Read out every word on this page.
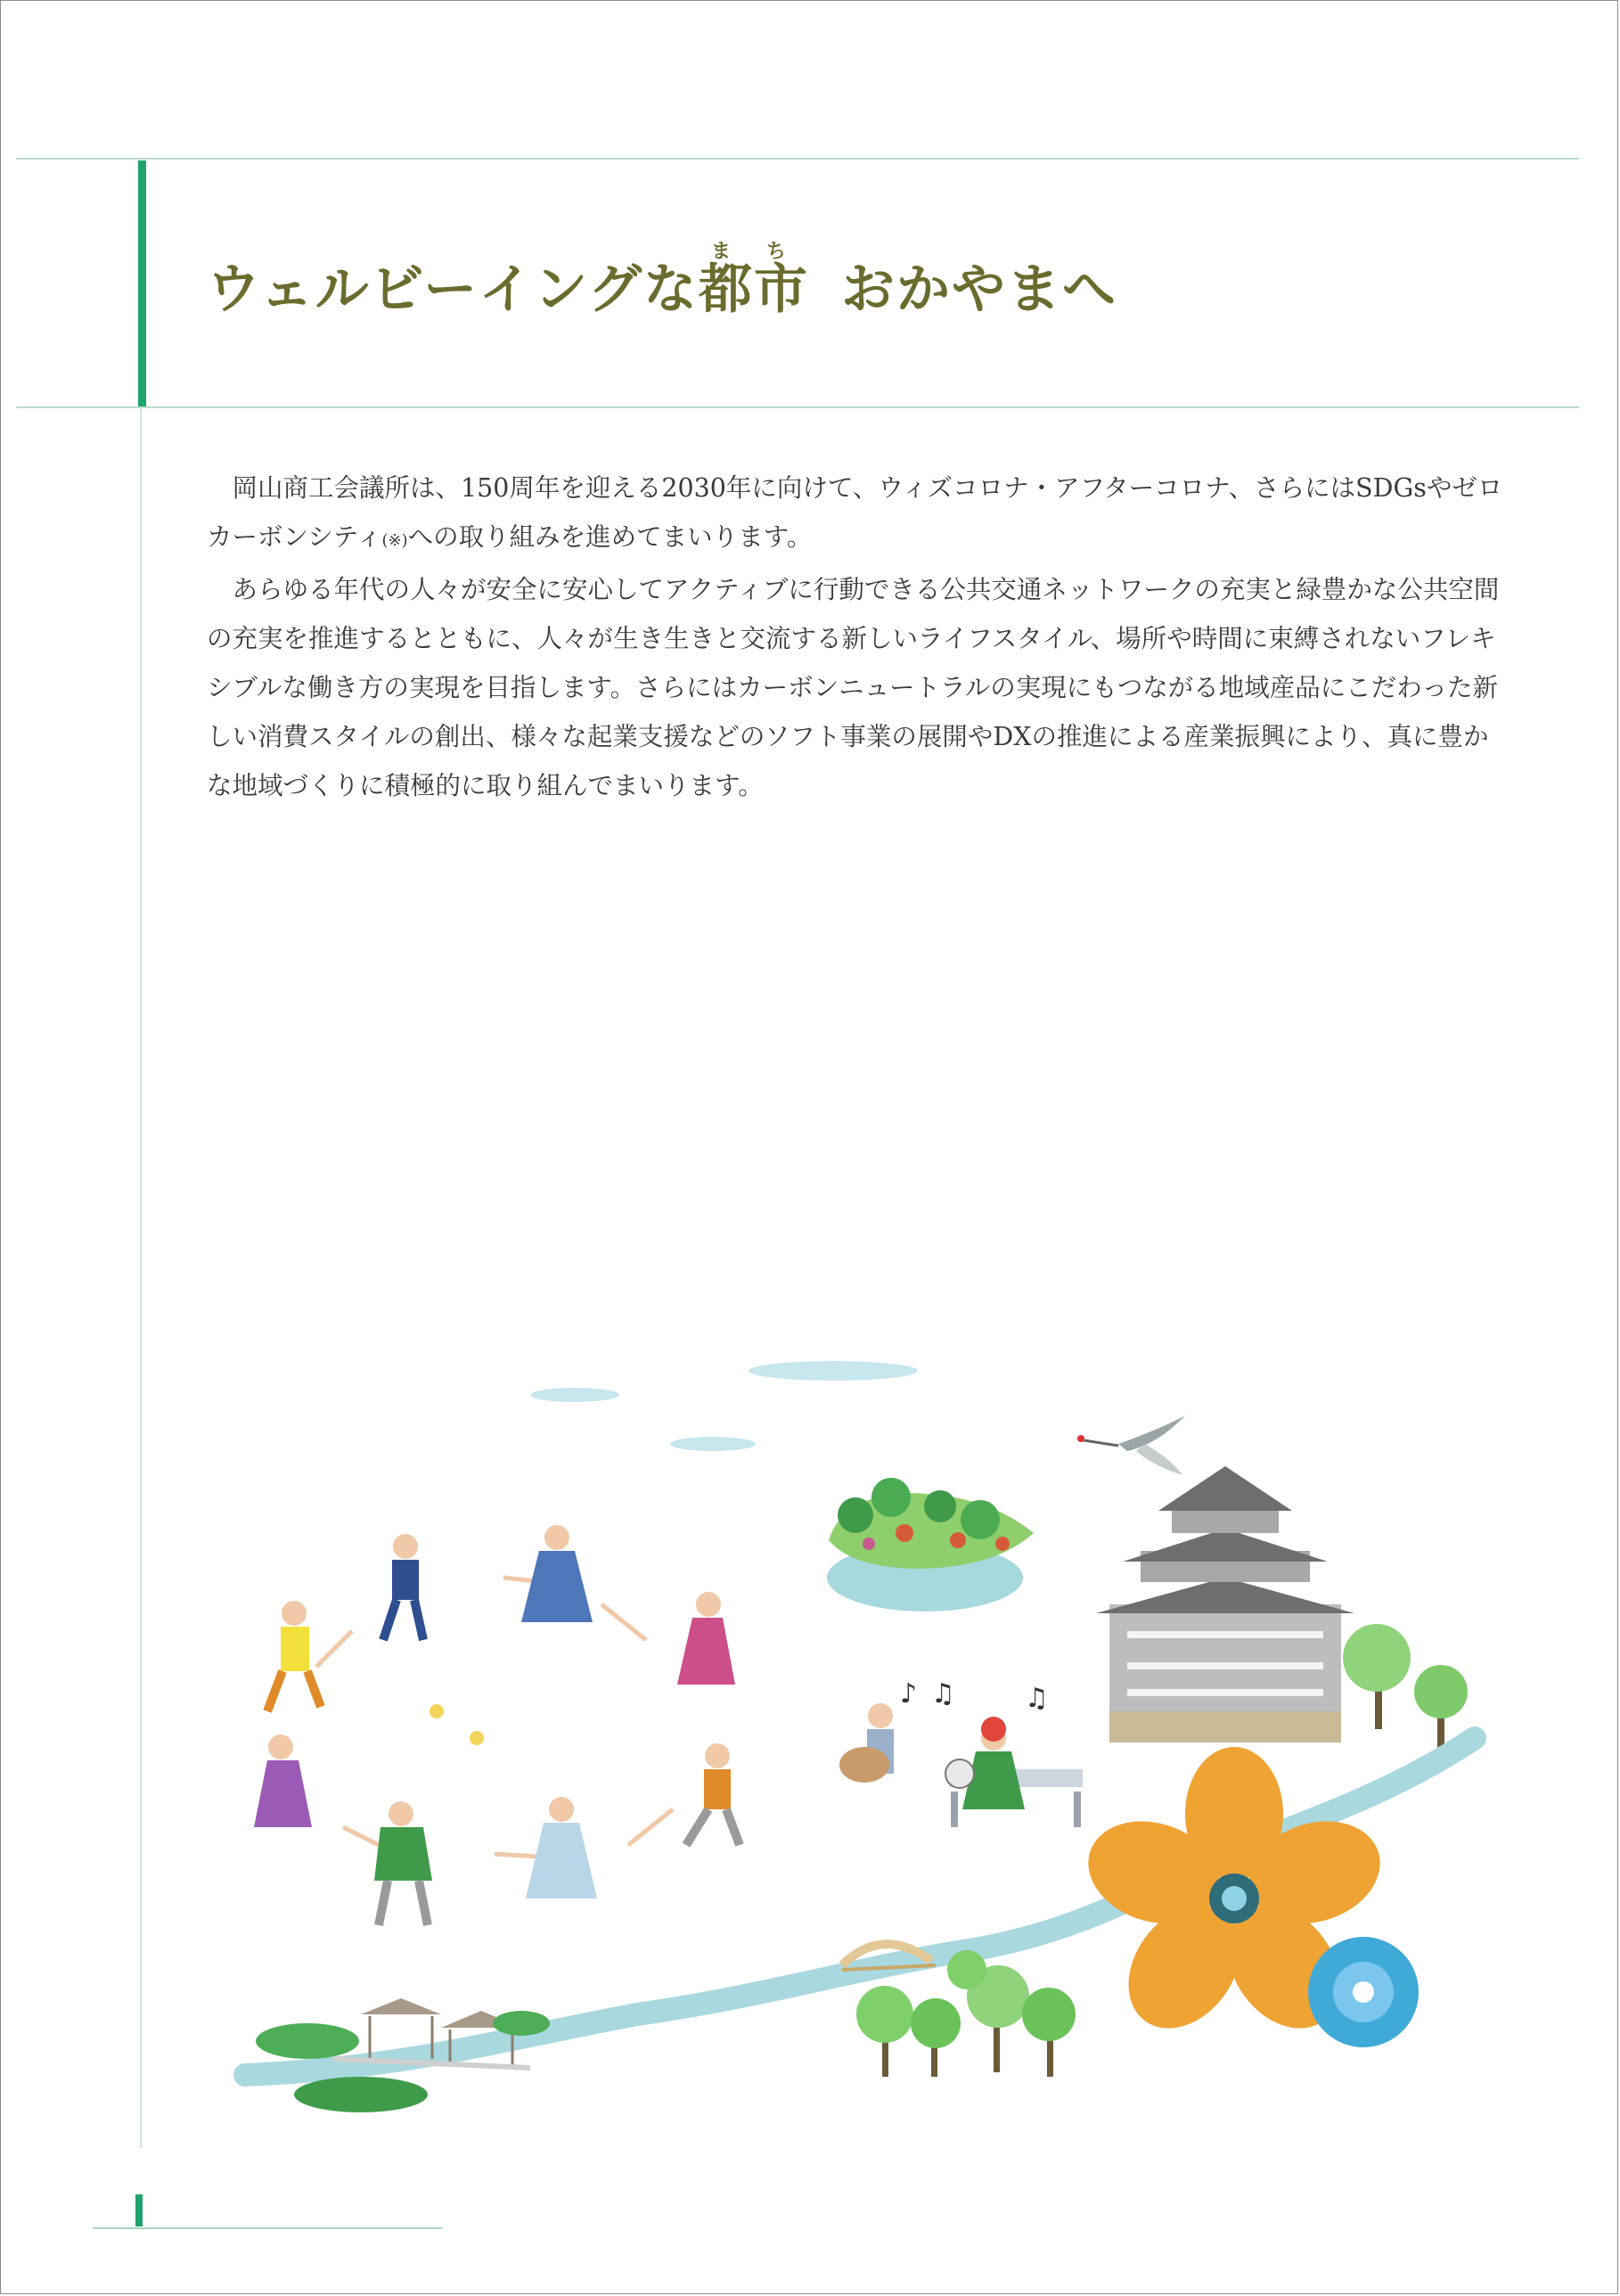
ウェルビーイングな都市まちおかやまへ

岡山商工会議所は、150周年を迎える2030年に向けて、ウィズコロナ・アフターコロナ、さらにはSDGsやゼロカーボンシティ(※)への取り組みを進めてまいります。

あらゆる年代の人々が安全に安心してアクティブに行動できる公共交通ネットワークの充実と緑豊かな公共空間の充実を推進するとともに、人々が生き生きと交流する新しいライフスタイル、場所や時間に束縛されないフレキシブルな働き方の実現を目指します。さらにはカーボンニュートラルの実現にもつながる地域産品にこだわった新しい消費スタイルの創出、様々な起業支援などのソフト事業の展開やDXの推進による産業振興により、真に豊かな地域づくりに積極的に取り組んでまいります。

♪ ♫	♫
